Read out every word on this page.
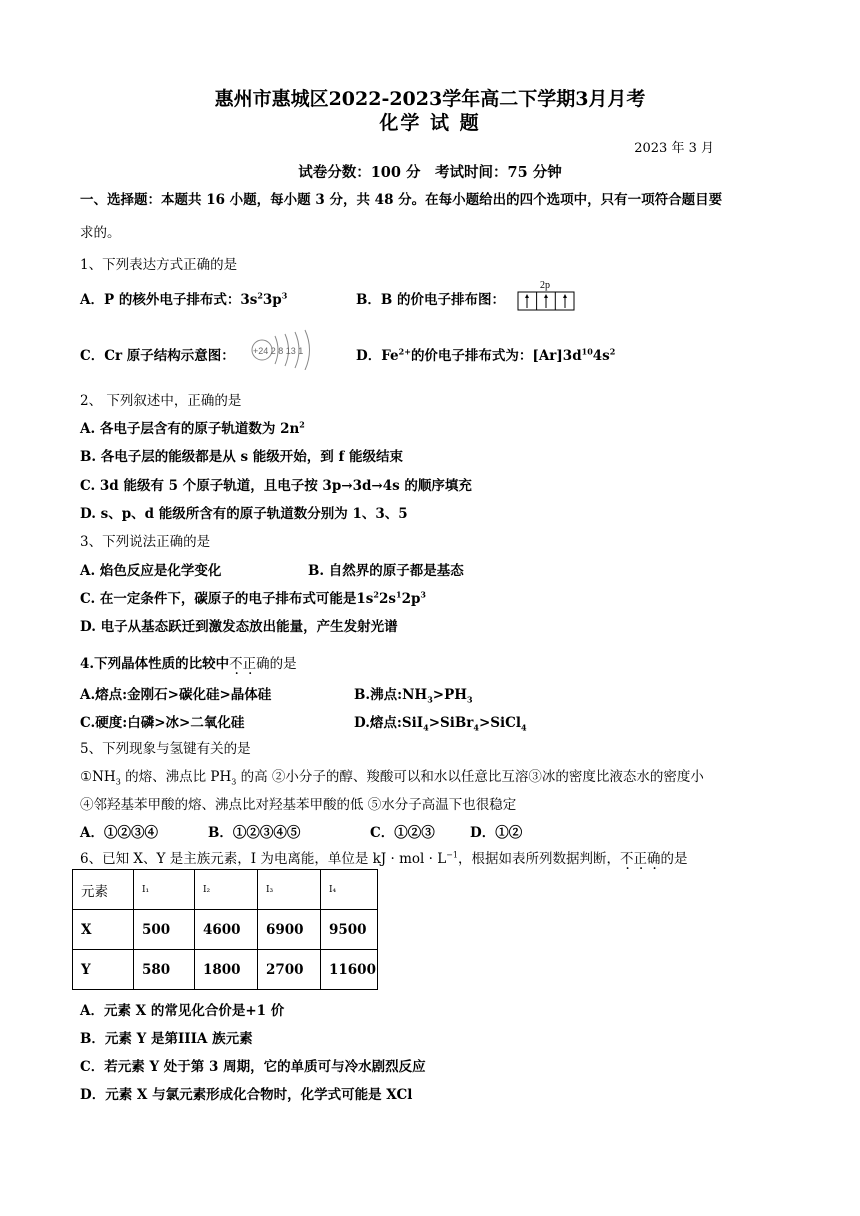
惠州市惠城区2022-2023学年高二下学期3月月考
化学 试 题
2023 年 3 月
试卷分数：100 分　考试时间：75 分钟
一、选择题：本题共 16 小题，每小题 3 分，共 48 分。在每小题给出的四个选项中，只有一项符合题目要
求的。
1、下列表达方式正确的是
A．P 的核外电子排布式：$3s^23p^3$	B．B 的价电子排布图：
2p
C．Cr 原子结构示意图： +24 2 8 13 1	D．$Fe^{2+}$的价电子排布式为：$[Ar]3d^{10}4s^2$
2、 下列叙述中，正确的是
A. 各电子层含有的原子轨道数为 $2n^2$
B. 各电子层的能级都是从 s 能级开始，到 f 能级结束
C. 3d 能级有 5 个原子轨道，且电子按 3p→3d→4s 的顺序填充
D. s、p、d 能级所含有的原子轨道数分别为 1、3、5
3、下列说法正确的是
A. 焰色反应是化学变化	B. 自然界的原子都是基态
C. 在一定条件下，碳原子的电子排布式可能是$1s^22s^12p^3$
D. 电子从基态跃迁到激发态放出能量，产生发射光谱
4.下列晶体性质的比较中不正确的是
A.熔点:金刚石>碳化硅>晶体硅	B.沸点$:NH_3>PH_3$
C.硬度:白磷>冰>二氧化硅	D.熔点:SiI$_4$>SiBr$_4$>SiCl$_4$
5、下列现象与氢键有关的是
$①NH_3$ 的熔、沸点比 $PH_3$ 的高 ②小分子的醇、羧酸可以和水以任意比互溶③冰的密度比液态水的密度小
④邻羟基苯甲酸的熔、沸点比对羟基苯甲酸的低 ⑤水分子高温下也很稳定
A．①②③④	B．①②③④⑤	C．①②③	D．①②
6、已知 X、Y 是主族元素，I 为电离能，单位是 kJ · mol · $L^{-1}$，根据如表所列数据判断，不正确的是
元素	I₁	I₂	I₃	I₄
X	500	4600	6900	9500
Y	580	1800	2700	11600
A．元素 X 的常见化合价是+1 价
B．元素 Y 是第IIIA 族元素
C．若元素 Y 处于第 3 周期，它的单质可与冷水剧烈反应
D．元素 X 与氯元素形成化合物时，化学式可能是 XCl
